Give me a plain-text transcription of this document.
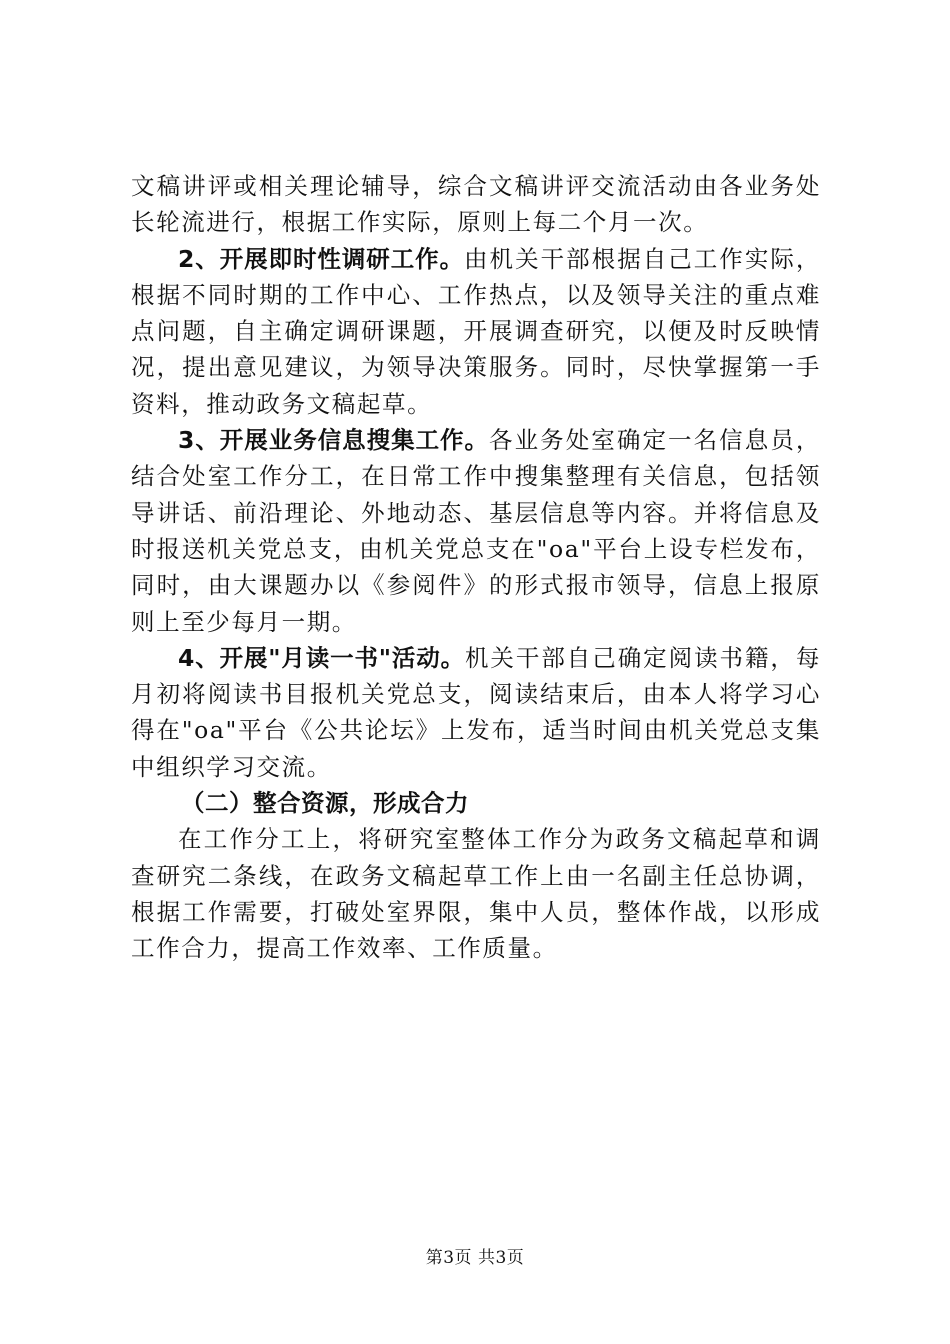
文稿讲评或相关理论辅导，综合文稿讲评交流活动由各业务处长轮流进行，根据工作实际，原则上每二个月一次。

2、开展即时性调研工作。由机关干部根据自己工作实际，根据不同时期的工作中心、工作热点，以及领导关注的重点难点问题，自主确定调研课题，开展调查研究，以便及时反映情况，提出意见建议，为领导决策服务。同时，尽快掌握第一手资料，推动政务文稿起草。

3、开展业务信息搜集工作。各业务处室确定一名信息员，结合处室工作分工，在日常工作中搜集整理有关信息，包括领导讲话、前沿理论、外地动态、基层信息等内容。并将信息及时报送机关党总支，由机关党总支在"oa"平台上设专栏发布，同时，由大课题办以《参阅件》的形式报市领导，信息上报原则上至少每月一期。

4、开展"月读一书"活动。机关干部自己确定阅读书籍，每月初将阅读书目报机关党总支，阅读结束后，由本人将学习心得在"oa"平台《公共论坛》上发布，适当时间由机关党总支集中组织学习交流。

（二）整合资源，形成合力

在工作分工上，将研究室整体工作分为政务文稿起草和调查研究二条线，在政务文稿起草工作上由一名副主任总协调，根据工作需要，打破处室界限，集中人员，整体作战，以形成工作合力，提高工作效率、工作质量。

第3页 共3页
